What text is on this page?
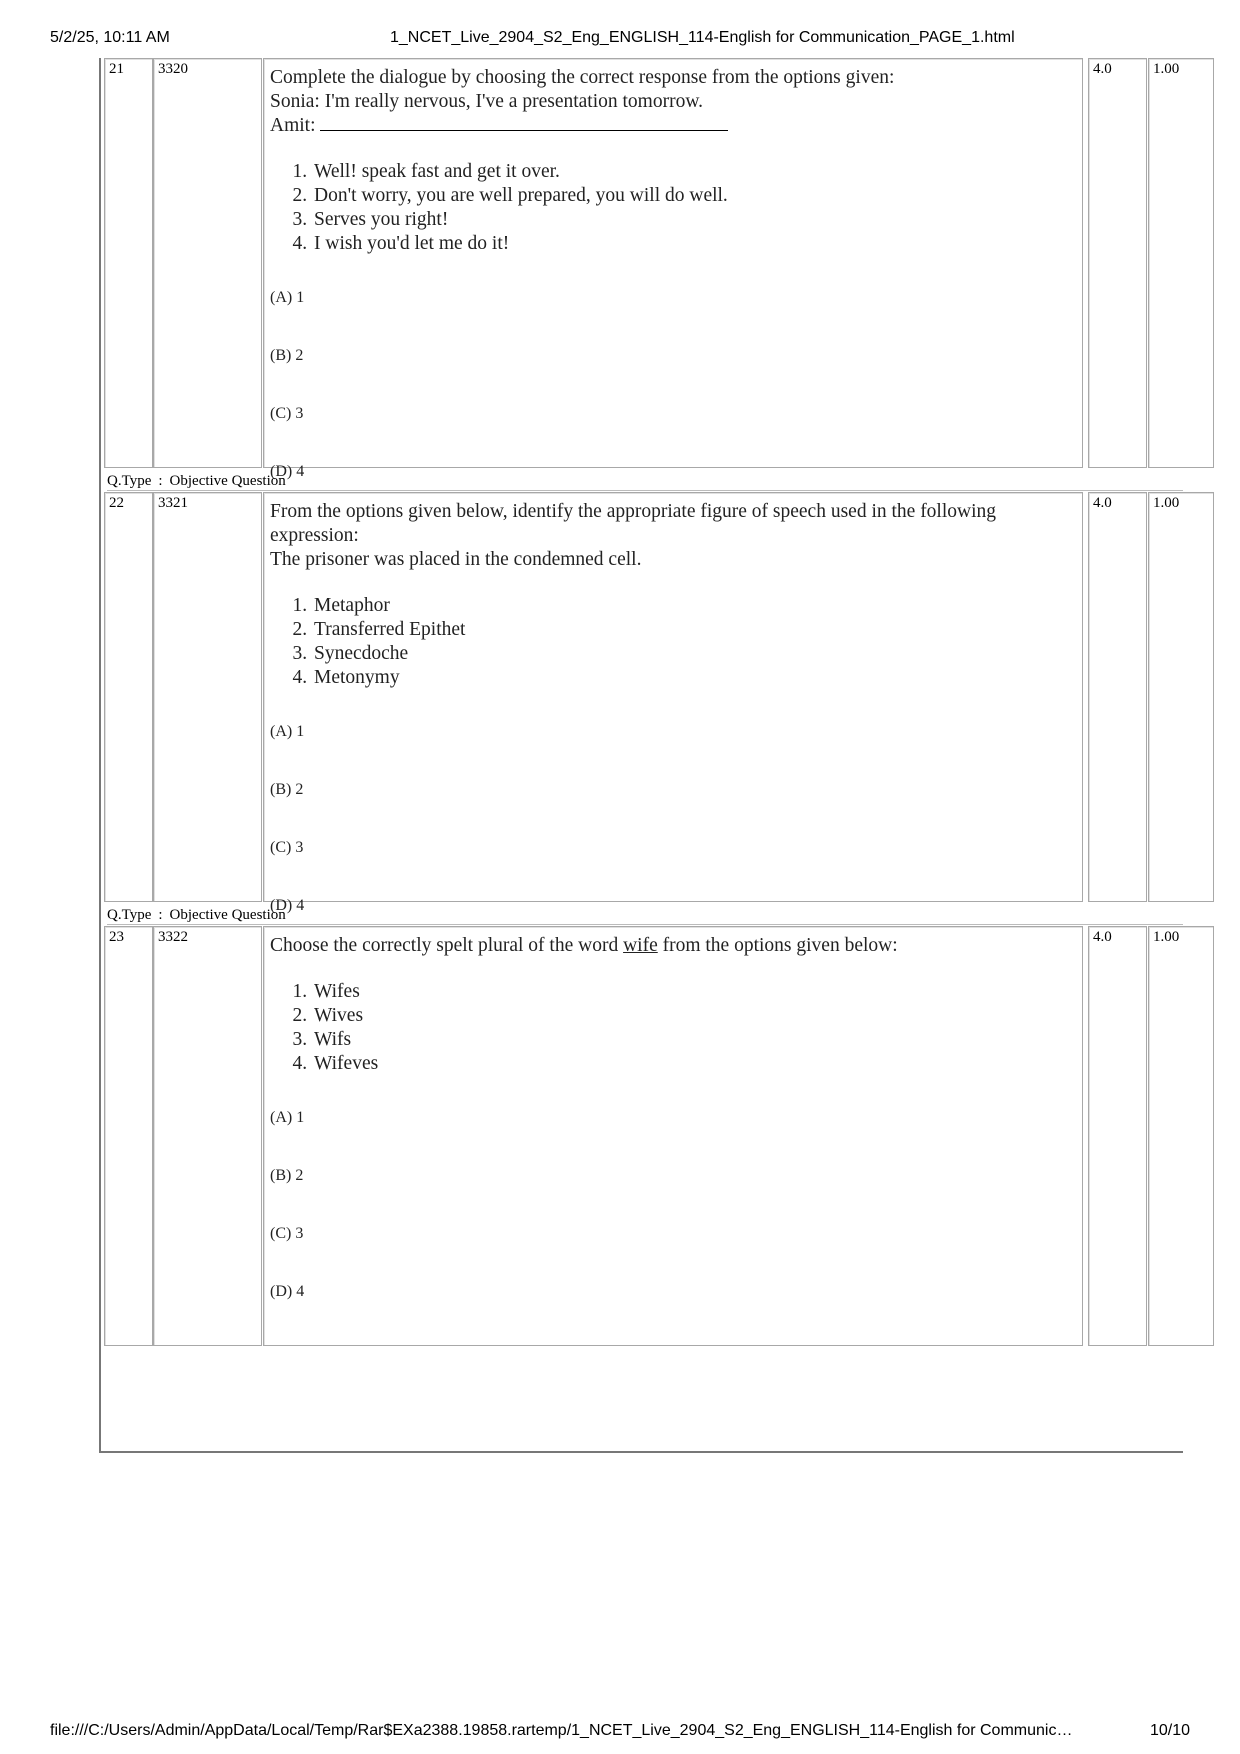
5/2/25, 10:11 AM	1_NCET_Live_2904_S2_Eng_ENGLISH_114-English for Communication_PAGE_1.html
21	3320	Complete the dialogue by choosing the correct response from the options given:

Sonia: I'm really nervous, I've a presentation tomorrow.

Amit:

1. Well! speak fast and get it over.
2. Don't worry, you are well prepared, you will do well.
3. Serves you right!
4. I wish you'd let me do it!
(A) 1
(B) 2
(C) 3
(D) 4
4.0	1.00
Q.Type : Objective Question
22	3321	From the options given below, identify the appropriate figure of speech used in the following expression:

The prisoner was placed in the condemned cell.

1. Metaphor
2. Transferred Epithet
3. Synecdoche
4. Metonymy
(A) 1
(B) 2
(C) 3
(D) 4
4.0	1.00
Q.Type : Objective Question
23	3322	Choose the correctly spelt plural of the word wife from the options given below:

1. Wifes
2. Wives
3. Wifs
4. Wifeves
(A) 1
(B) 2
(C) 3
(D) 4
4.0	1.00
file:///C:/Users/Admin/AppData/Local/Temp/Rar$EXa2388.19858.rartemp/1_NCET_Live_2904_S2_Eng_ENGLISH_114-English for Communic…	10/10
